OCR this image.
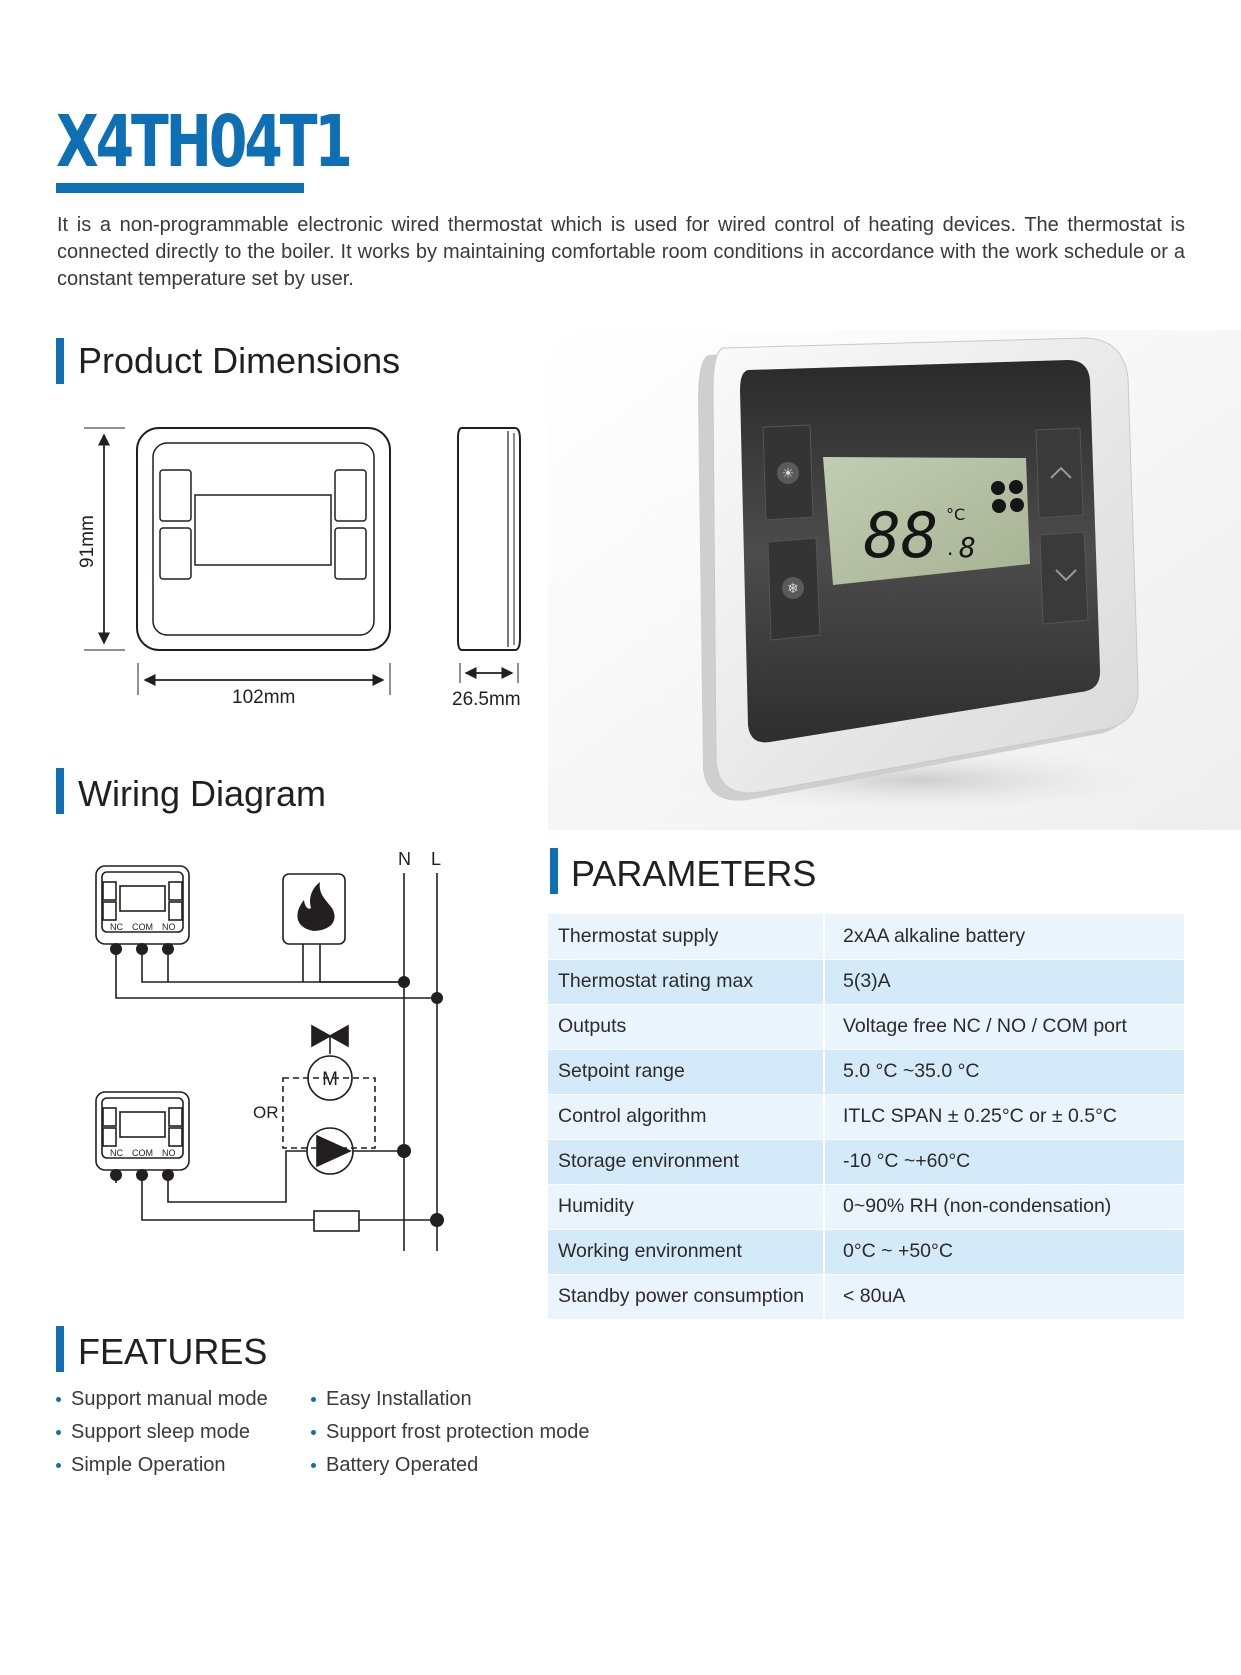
X4TH04T1

It is a non-programmable electronic wired thermostat which is used for wired control of heating devices. The thermostat is connected directly to the boiler. It works by maintaining comfortable room conditions in accordance with the work schedule or a constant temperature set by user.

Product Dimensions
91mm
102mm	26.5mm
☀
❄
88 8
.
°C
Wiring Diagram
N L
OR
M
NC COM NO
NC COM NO
PARAMETERS
Thermostat supply	2xAA alkaline battery
Thermostat rating max	5(3)A
Outputs	Voltage free NC / NO / COM port
Setpoint range	5.0 °C ~35.0 °C
Control algorithm	ITLC SPAN ± 0.25°C or ± 0.5°C
Storage environment	-10 °C ~+60°C
Humidity	0~90% RH (non-condensation)
Working environment	0°C ~ +50°C
Standby power consumption	< 80uA
FEATURES
Support manual mode
Support sleep mode
Simple Operation
Easy Installation
Support frost protection mode
Battery Operated
